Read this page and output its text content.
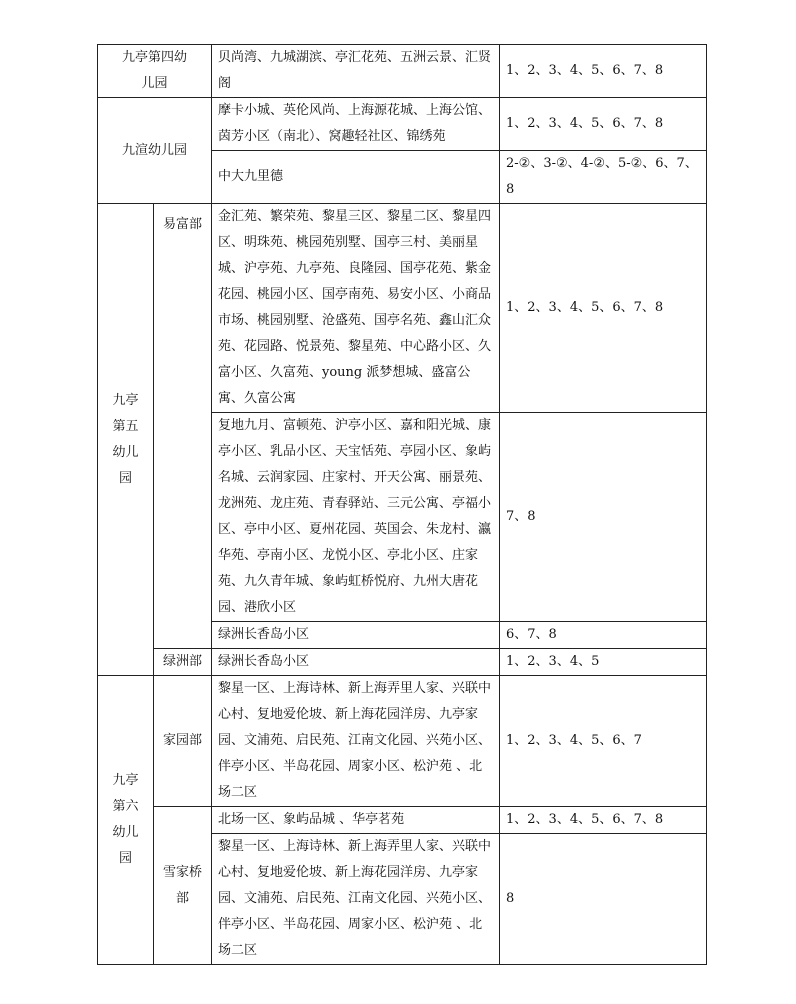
九亭第四幼儿园		贝尚湾、九城湖滨、亭汇花苑、五洲云景、汇贤阁	1、2、3、4、5、6、7、8
九渲幼儿园		摩卡小城、英伦风尚、上海源花城、上海公馆、茵芳小区（南北）、窝趣轻社区、锦绣苑	1、2、3、4、5、6、7、8
		中大九里德	2-②、3-②、4-②、5-②、6、7、8
九亭第五幼儿园	易富部	金汇苑、繁荣苑、黎星三区、黎星二区、黎星四区、明珠苑、桃园苑别墅、国亭三村、美丽星城、沪亭苑、九亭苑、良隆园、国亭花苑、紫金花园、桃园小区、国亭南苑、易安小区、小商品市场、桃园别墅、沧盛苑、国亭名苑、鑫山汇众苑、花园路、悦景苑、黎星苑、中心路小区、久富小区、久富苑、young 派梦想城、盛富公寓、久富公寓	1、2、3、4、5、6、7、8
		复地九月、富顿苑、沪亭小区、嘉和阳光城、康亭小区、乳品小区、天宝恬苑、亭园小区、象屿名城、云润家园、庄家村、开天公寓、丽景苑、龙洲苑、龙庄苑、青春驿站、三元公寓、亭福小区、亭中小区、夏州花园、英国会、朱龙村、瀛华苑、亭南小区、龙悦小区、亭北小区、庄家苑、九久青年城、象屿虹桥悦府、九州大唐花园、港欣小区	7、8
		绿洲长香岛小区	6、7、8
	绿洲部	绿洲长香岛小区	1、2、3、4、5
九亭第六幼儿园	家园部	黎星一区、上海诗林、新上海弄里人家、兴联中心村、复地爱伦坡、新上海花园洋房、九亭家园、文浦苑、启民苑、江南文化园、兴苑小区、伴亭小区、半岛花园、周家小区、松沪苑 、北场二区	1、2、3、4、5、6、7
	雪家桥部	北场一区、象屿品城 、华亭茗苑	1、2、3、4、5、6、7、8
		黎星一区、上海诗林、新上海弄里人家、兴联中心村、复地爱伦坡、新上海花园洋房、九亭家园、文浦苑、启民苑、江南文化园、兴苑小区、伴亭小区、半岛花园、周家小区、松沪苑 、北场二区	8
